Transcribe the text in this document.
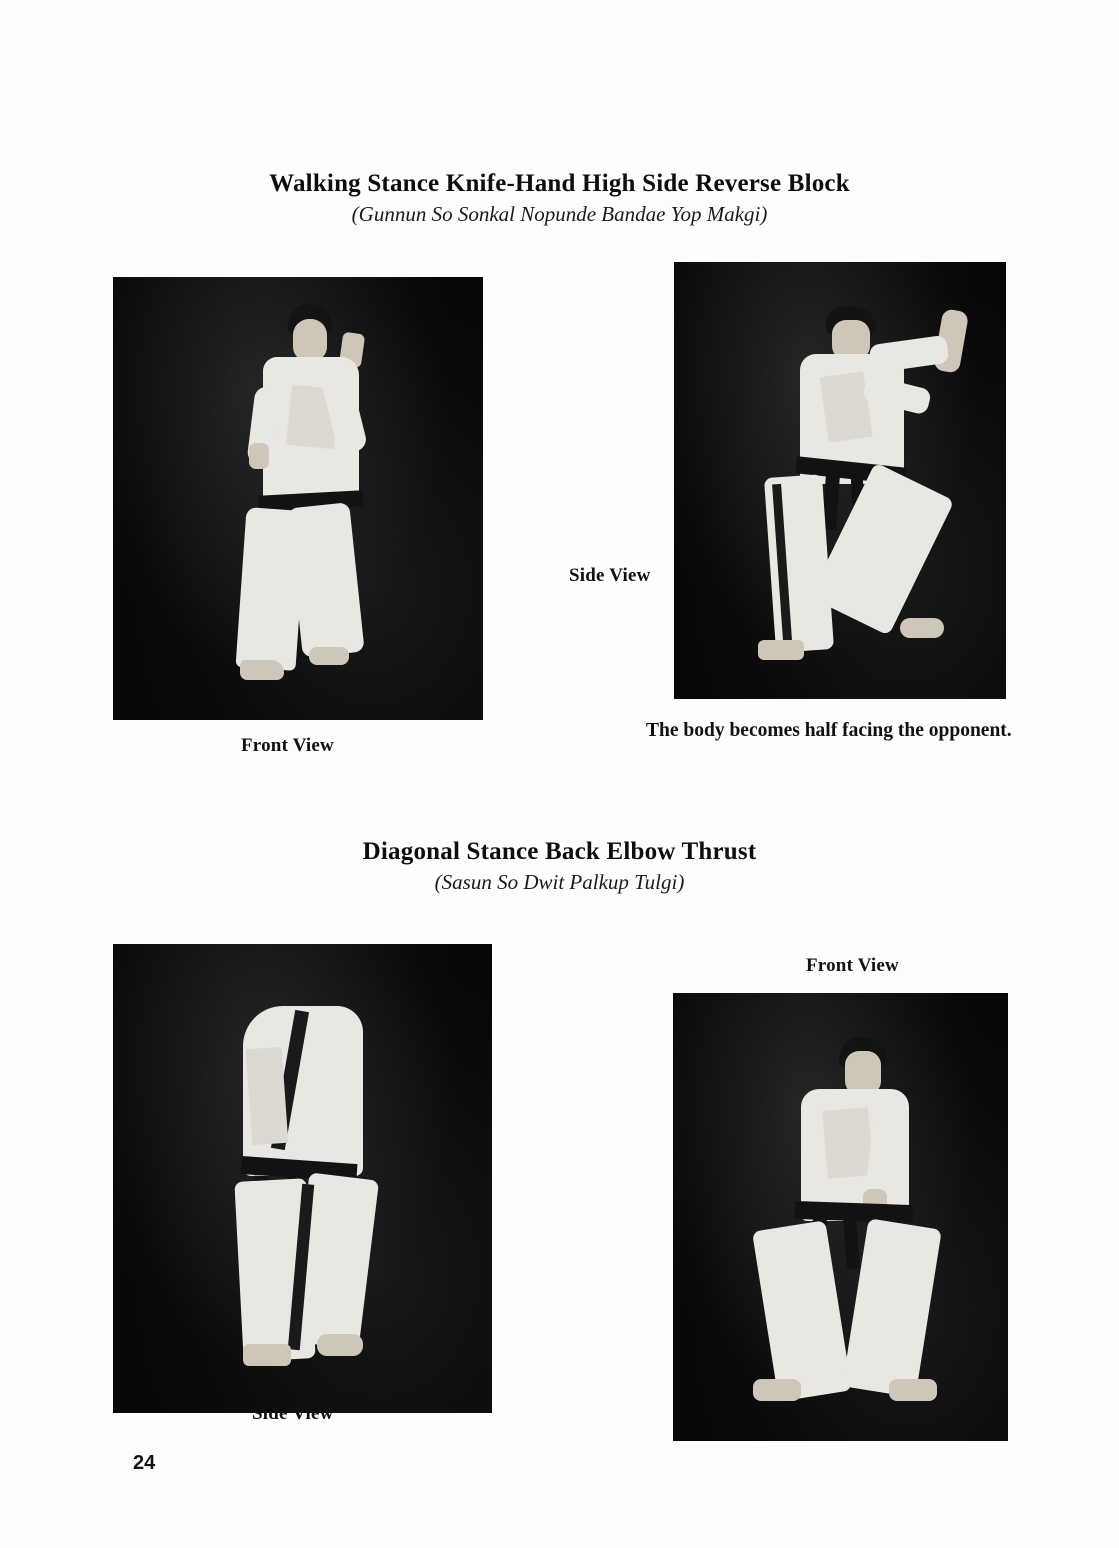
Walking Stance Knife-Hand High Side Reverse Block
(Gunnun So Sonkal Nopunde Bandae Yop Makgi)
Front View
Side View
The body becomes half facing the opponent.
Diagonal Stance Back Elbow Thrust
(Sasun So Dwit Palkup Tulgi)
Front View
Side View
24
